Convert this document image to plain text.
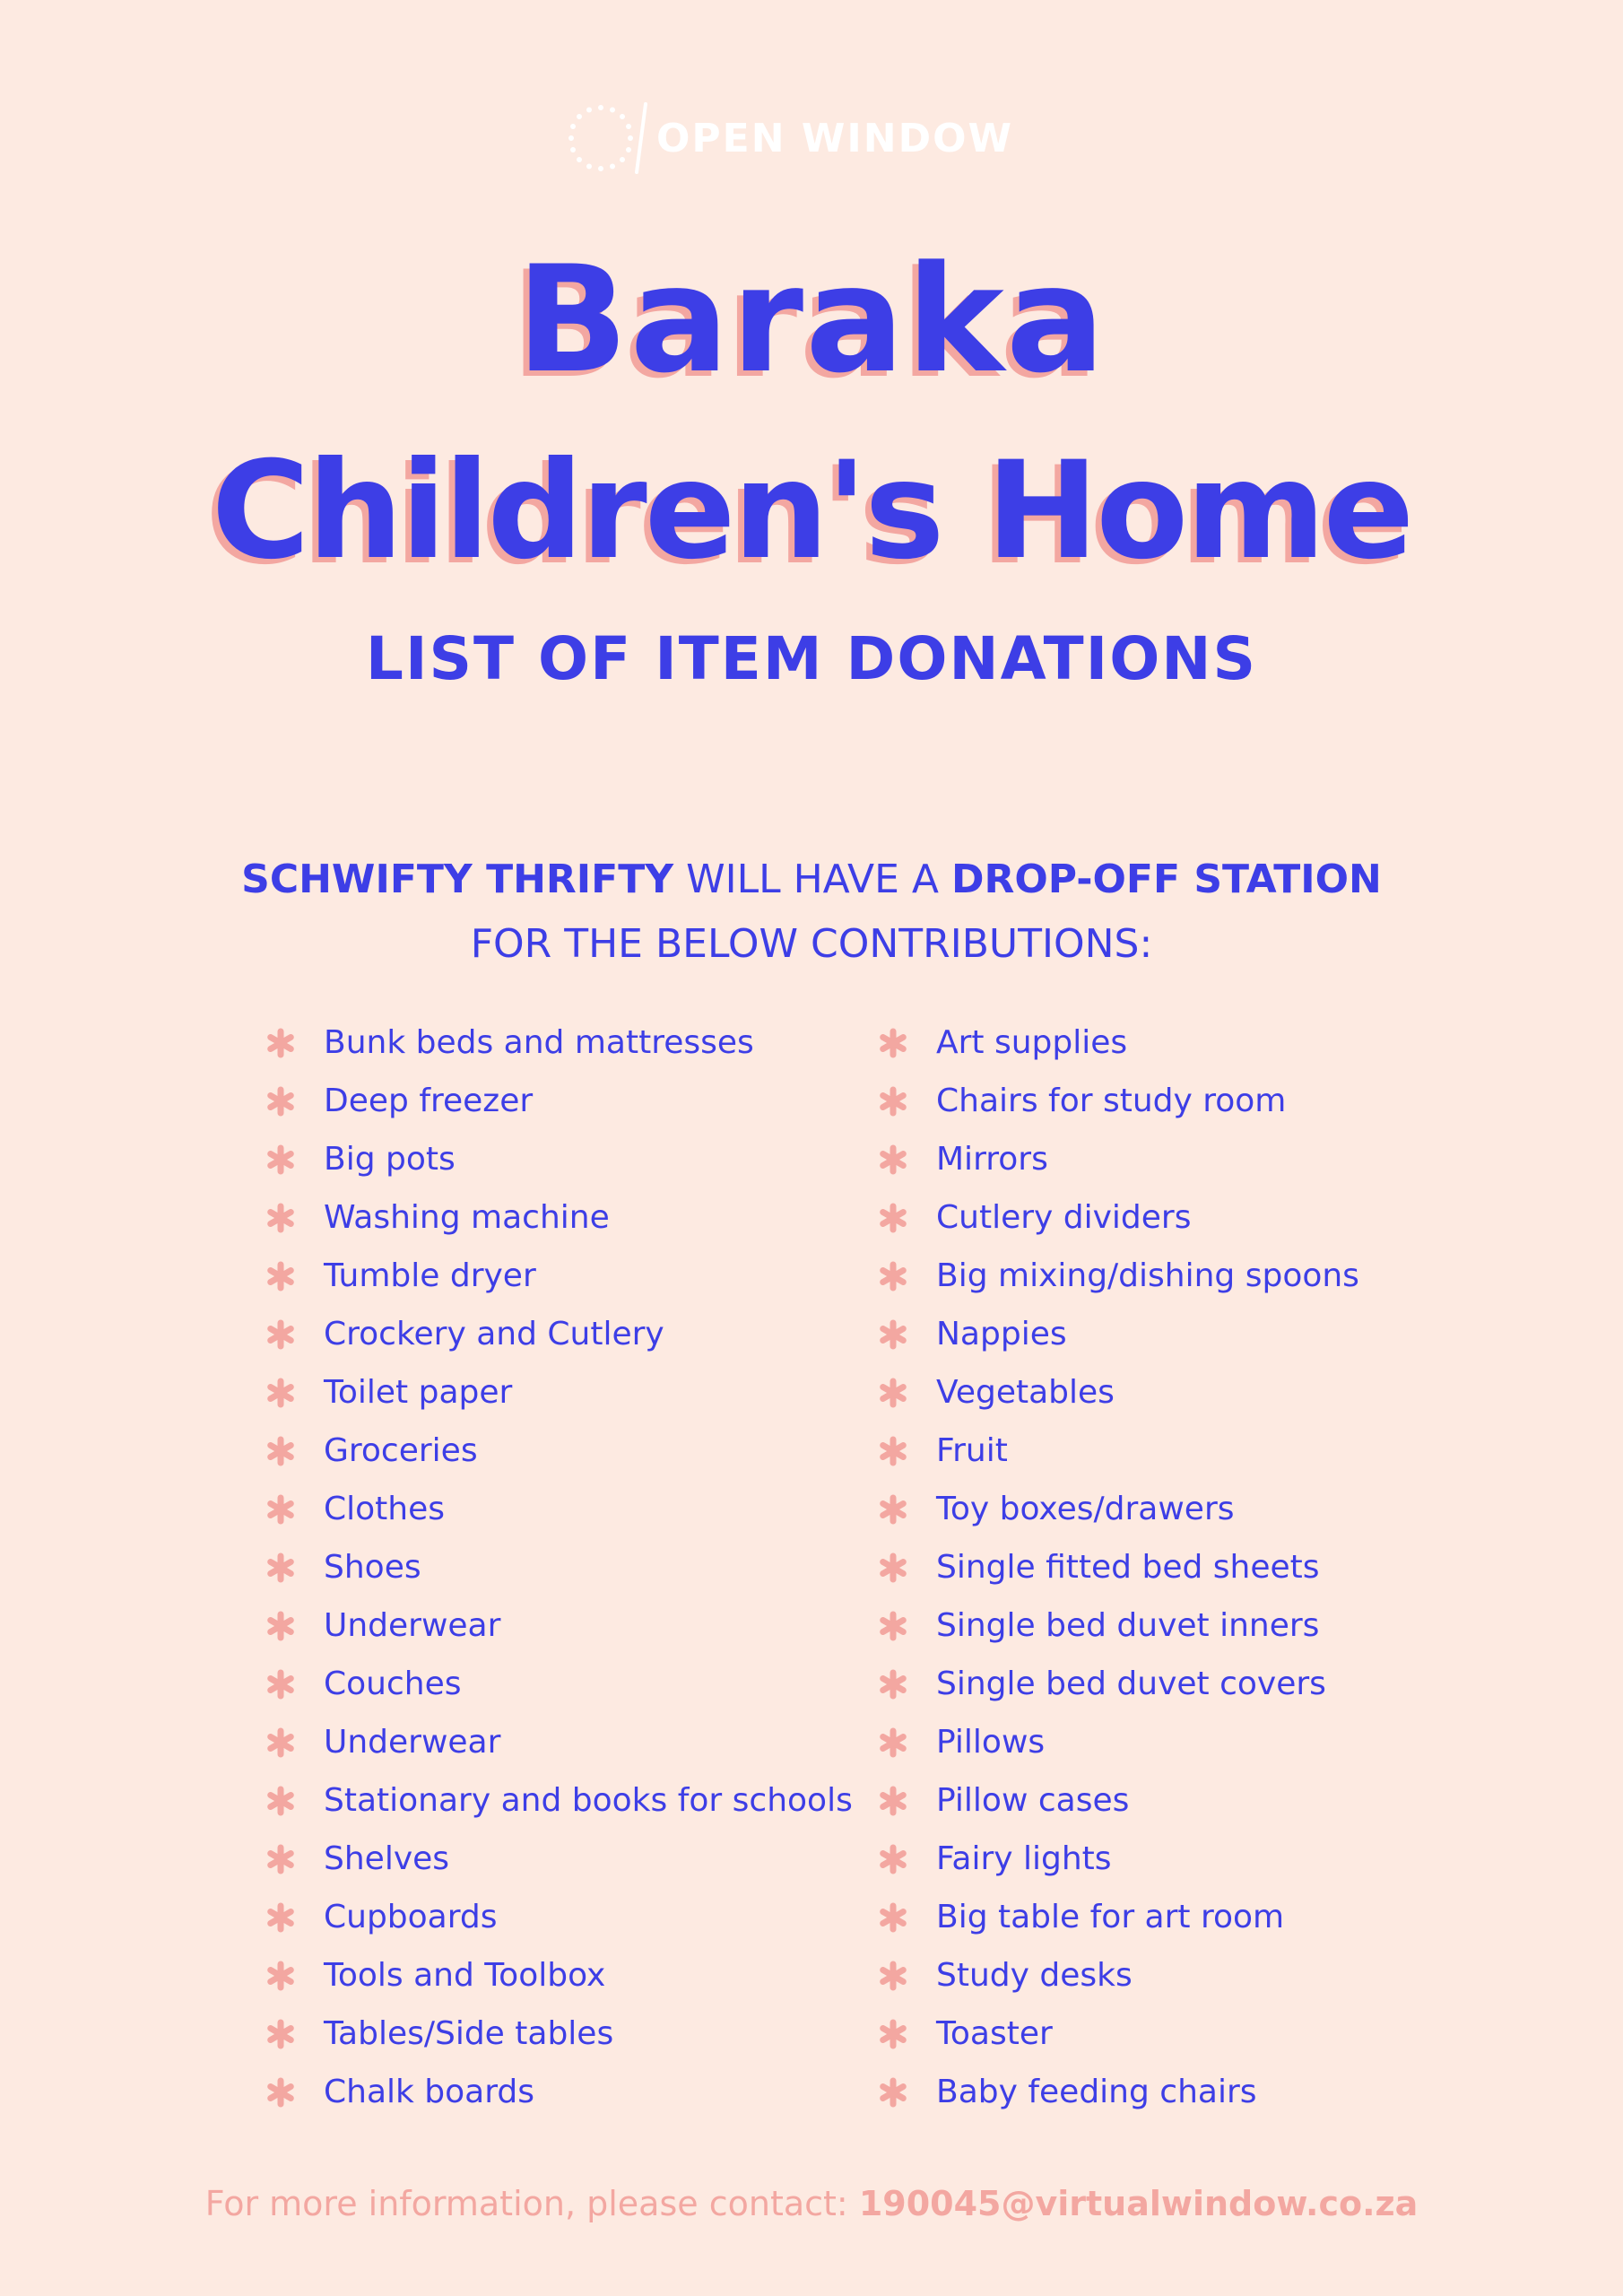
OPEN WINDOW
Baraka
Children's Home
LIST OF ITEM DONATIONS
SCHWIFTY THRIFTY WILL HAVE A DROP-OFF STATION
FOR THE BELOW CONTRIBUTIONS:
Bunk beds and mattresses
Deep freezer
Big pots
Washing machine
Tumble dryer
Crockery and Cutlery
Toilet paper
Groceries
Clothes
Shoes
Underwear
Couches
Underwear
Stationary and books for schools
Shelves
Cupboards
Tools and Toolbox
Tables/Side tables
Chalk boards
Art supplies
Chairs for study room
Mirrors
Cutlery dividers
Big mixing/dishing spoons
Nappies
Vegetables
Fruit
Toy boxes/drawers
Single fitted bed sheets
Single bed duvet inners
Single bed duvet covers
Pillows
Pillow cases
Fairy lights
Big table for art room
Study desks
Toaster
Baby feeding chairs
For more information, please contact: 190045@virtualwindow.co.za
